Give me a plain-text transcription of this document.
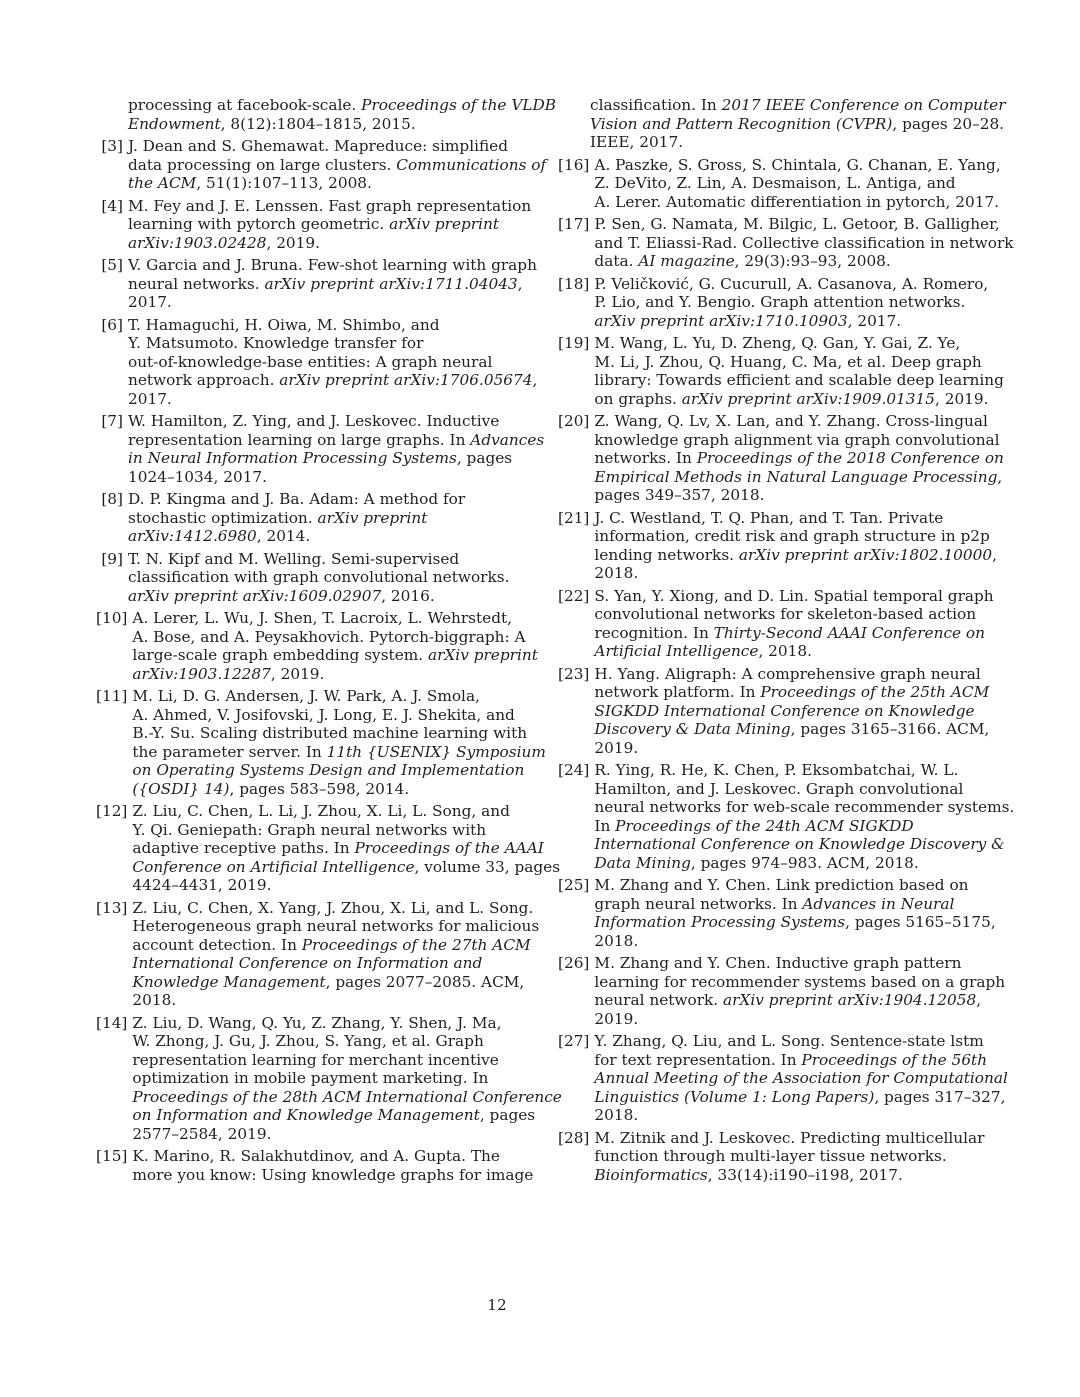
processing at facebook-scale. Proceedings of the VLDB
Endowment, 8(12):1804–1815, 2015.
[3] J. Dean and S. Ghemawat. Mapreduce: simplified
data processing on large clusters. Communications of
the ACM, 51(1):107–113, 2008.
[4] M. Fey and J. E. Lenssen. Fast graph representation
learning with pytorch geometric. arXiv preprint
arXiv:1903.02428, 2019.
[5] V. Garcia and J. Bruna. Few-shot learning with graph
neural networks. arXiv preprint arXiv:1711.04043,
2017.
[6] T. Hamaguchi, H. Oiwa, M. Shimbo, and
Y. Matsumoto. Knowledge transfer for
out-of-knowledge-base entities: A graph neural
network approach. arXiv preprint arXiv:1706.05674,
2017.
[7] W. Hamilton, Z. Ying, and J. Leskovec. Inductive
representation learning on large graphs. In Advances
in Neural Information Processing Systems, pages
1024–1034, 2017.
[8] D. P. Kingma and J. Ba. Adam: A method for
stochastic optimization. arXiv preprint
arXiv:1412.6980, 2014.
[9] T. N. Kipf and M. Welling. Semi-supervised
classification with graph convolutional networks.
arXiv preprint arXiv:1609.02907, 2016.
[10] A. Lerer, L. Wu, J. Shen, T. Lacroix, L. Wehrstedt,
A. Bose, and A. Peysakhovich. Pytorch-biggraph: A
large-scale graph embedding system. arXiv preprint
arXiv:1903.12287, 2019.
[11] M. Li, D. G. Andersen, J. W. Park, A. J. Smola,
A. Ahmed, V. Josifovski, J. Long, E. J. Shekita, and
B.-Y. Su. Scaling distributed machine learning with
the parameter server. In 11th {USENIX} Symposium
on Operating Systems Design and Implementation
({OSDI} 14), pages 583–598, 2014.
[12] Z. Liu, C. Chen, L. Li, J. Zhou, X. Li, L. Song, and
Y. Qi. Geniepath: Graph neural networks with
adaptive receptive paths. In Proceedings of the AAAI
Conference on Artificial Intelligence, volume 33, pages
4424–4431, 2019.
[13] Z. Liu, C. Chen, X. Yang, J. Zhou, X. Li, and L. Song.
Heterogeneous graph neural networks for malicious
account detection. In Proceedings of the 27th ACM
International Conference on Information and
Knowledge Management, pages 2077–2085. ACM,
2018.
[14] Z. Liu, D. Wang, Q. Yu, Z. Zhang, Y. Shen, J. Ma,
W. Zhong, J. Gu, J. Zhou, S. Yang, et al. Graph
representation learning for merchant incentive
optimization in mobile payment marketing. In
Proceedings of the 28th ACM International Conference
on Information and Knowledge Management, pages
2577–2584, 2019.
[15] K. Marino, R. Salakhutdinov, and A. Gupta. The
more you know: Using knowledge graphs for image
classification. In 2017 IEEE Conference on Computer
Vision and Pattern Recognition (CVPR), pages 20–28.
IEEE, 2017.
[16] A. Paszke, S. Gross, S. Chintala, G. Chanan, E. Yang,
Z. DeVito, Z. Lin, A. Desmaison, L. Antiga, and
A. Lerer. Automatic differentiation in pytorch, 2017.
[17] P. Sen, G. Namata, M. Bilgic, L. Getoor, B. Galligher,
and T. Eliassi-Rad. Collective classification in network
data. AI magazine, 29(3):93–93, 2008.
[18] P. Veličković, G. Cucurull, A. Casanova, A. Romero,
P. Lio, and Y. Bengio. Graph attention networks.
arXiv preprint arXiv:1710.10903, 2017.
[19] M. Wang, L. Yu, D. Zheng, Q. Gan, Y. Gai, Z. Ye,
M. Li, J. Zhou, Q. Huang, C. Ma, et al. Deep graph
library: Towards efficient and scalable deep learning
on graphs. arXiv preprint arXiv:1909.01315, 2019.
[20] Z. Wang, Q. Lv, X. Lan, and Y. Zhang. Cross-lingual
knowledge graph alignment via graph convolutional
networks. In Proceedings of the 2018 Conference on
Empirical Methods in Natural Language Processing,
pages 349–357, 2018.
[21] J. C. Westland, T. Q. Phan, and T. Tan. Private
information, credit risk and graph structure in p2p
lending networks. arXiv preprint arXiv:1802.10000,
2018.
[22] S. Yan, Y. Xiong, and D. Lin. Spatial temporal graph
convolutional networks for skeleton-based action
recognition. In Thirty-Second AAAI Conference on
Artificial Intelligence, 2018.
[23] H. Yang. Aligraph: A comprehensive graph neural
network platform. In Proceedings of the 25th ACM
SIGKDD International Conference on Knowledge
Discovery & Data Mining, pages 3165–3166. ACM,
2019.
[24] R. Ying, R. He, K. Chen, P. Eksombatchai, W. L.
Hamilton, and J. Leskovec. Graph convolutional
neural networks for web-scale recommender systems.
In Proceedings of the 24th ACM SIGKDD
International Conference on Knowledge Discovery &
Data Mining, pages 974–983. ACM, 2018.
[25] M. Zhang and Y. Chen. Link prediction based on
graph neural networks. In Advances in Neural
Information Processing Systems, pages 5165–5175,
2018.
[26] M. Zhang and Y. Chen. Inductive graph pattern
learning for recommender systems based on a graph
neural network. arXiv preprint arXiv:1904.12058,
2019.
[27] Y. Zhang, Q. Liu, and L. Song. Sentence-state lstm
for text representation. In Proceedings of the 56th
Annual Meeting of the Association for Computational
Linguistics (Volume 1: Long Papers), pages 317–327,
2018.
[28] M. Zitnik and J. Leskovec. Predicting multicellular
function through multi-layer tissue networks.
Bioinformatics, 33(14):i190–i198, 2017.
12
